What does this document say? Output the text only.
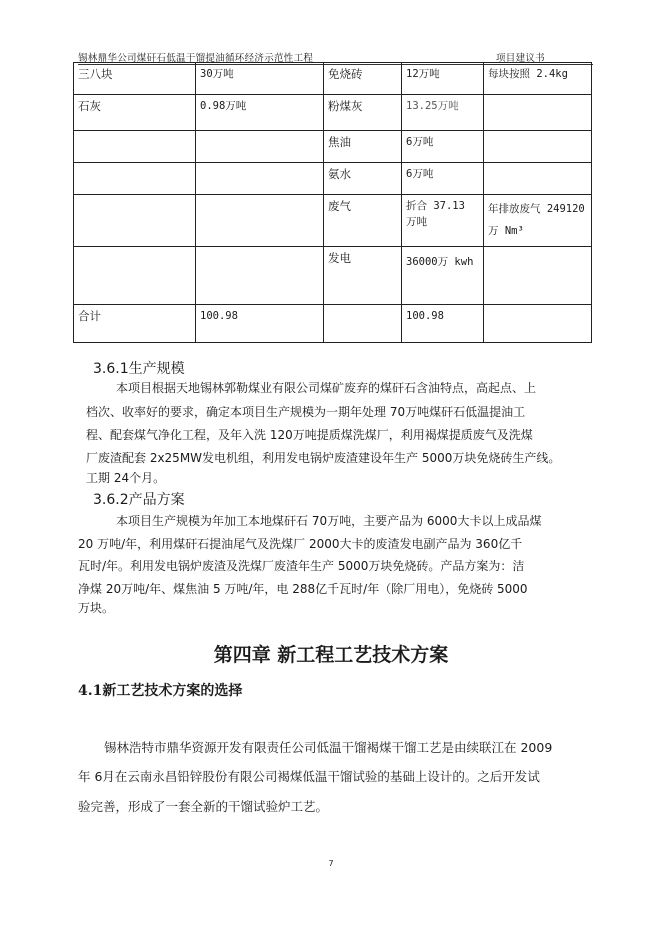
锡林鼎华公司煤矸石低温干馏提油循环经济示范性工程	项目建议书
三八块	30万吨	免烧砖	12万吨	每块按照 2.4kg
石灰	0.98万吨	粉煤灰	13.25万吨	
		焦油	6万吨	
		氨水	6万吨	
		废气	折合 37.13 万吨	年排放废气 249120万 Nm³
		发电	36000万 kwh	
合计	100.98		100.98	
3.6.1生产规模
本项目根据天地锡林郭勒煤业有限公司煤矿废弃的煤矸石含油特点，高起点、上
档次、收率好的要求，确定本项目生产规模为一期年处理 70万吨煤矸石低温提油工
程、配套煤气净化工程，及年入洗 120万吨提质煤洗煤厂，利用褐煤提质废气及洗煤
厂废渣配套 2x25MW发电机组，利用发电锅炉废渣建设年生产 5000万块免烧砖生产线。
工期 24个月。
3.6.2产品方案
本项目生产规模为年加工本地煤矸石 70万吨，主要产品为 6000大卡以上成品煤
20 万吨/年，利用煤矸石提油尾气及洗煤厂 2000大卡的废渣发电副产品为 360亿千
瓦时/年。利用发电锅炉废渣及洗煤厂废渣年生产 5000万块免烧砖。产品方案为：洁
净煤 20万吨/年、煤焦油 5 万吨/年，电 288亿千瓦时/年（除厂用电），免烧砖 5000
万块。
第四章 新工程工艺技术方案
4.1新工艺技术方案的选择
锡林浩特市鼎华资源开发有限责任公司低温干馏褐煤干馏工艺是由续联江在 2009
年 6月在云南永昌铅锌股份有限公司褐煤低温干馏试验的基础上设计的。之后开发试
验完善，形成了一套全新的干馏试验炉工艺。
7
